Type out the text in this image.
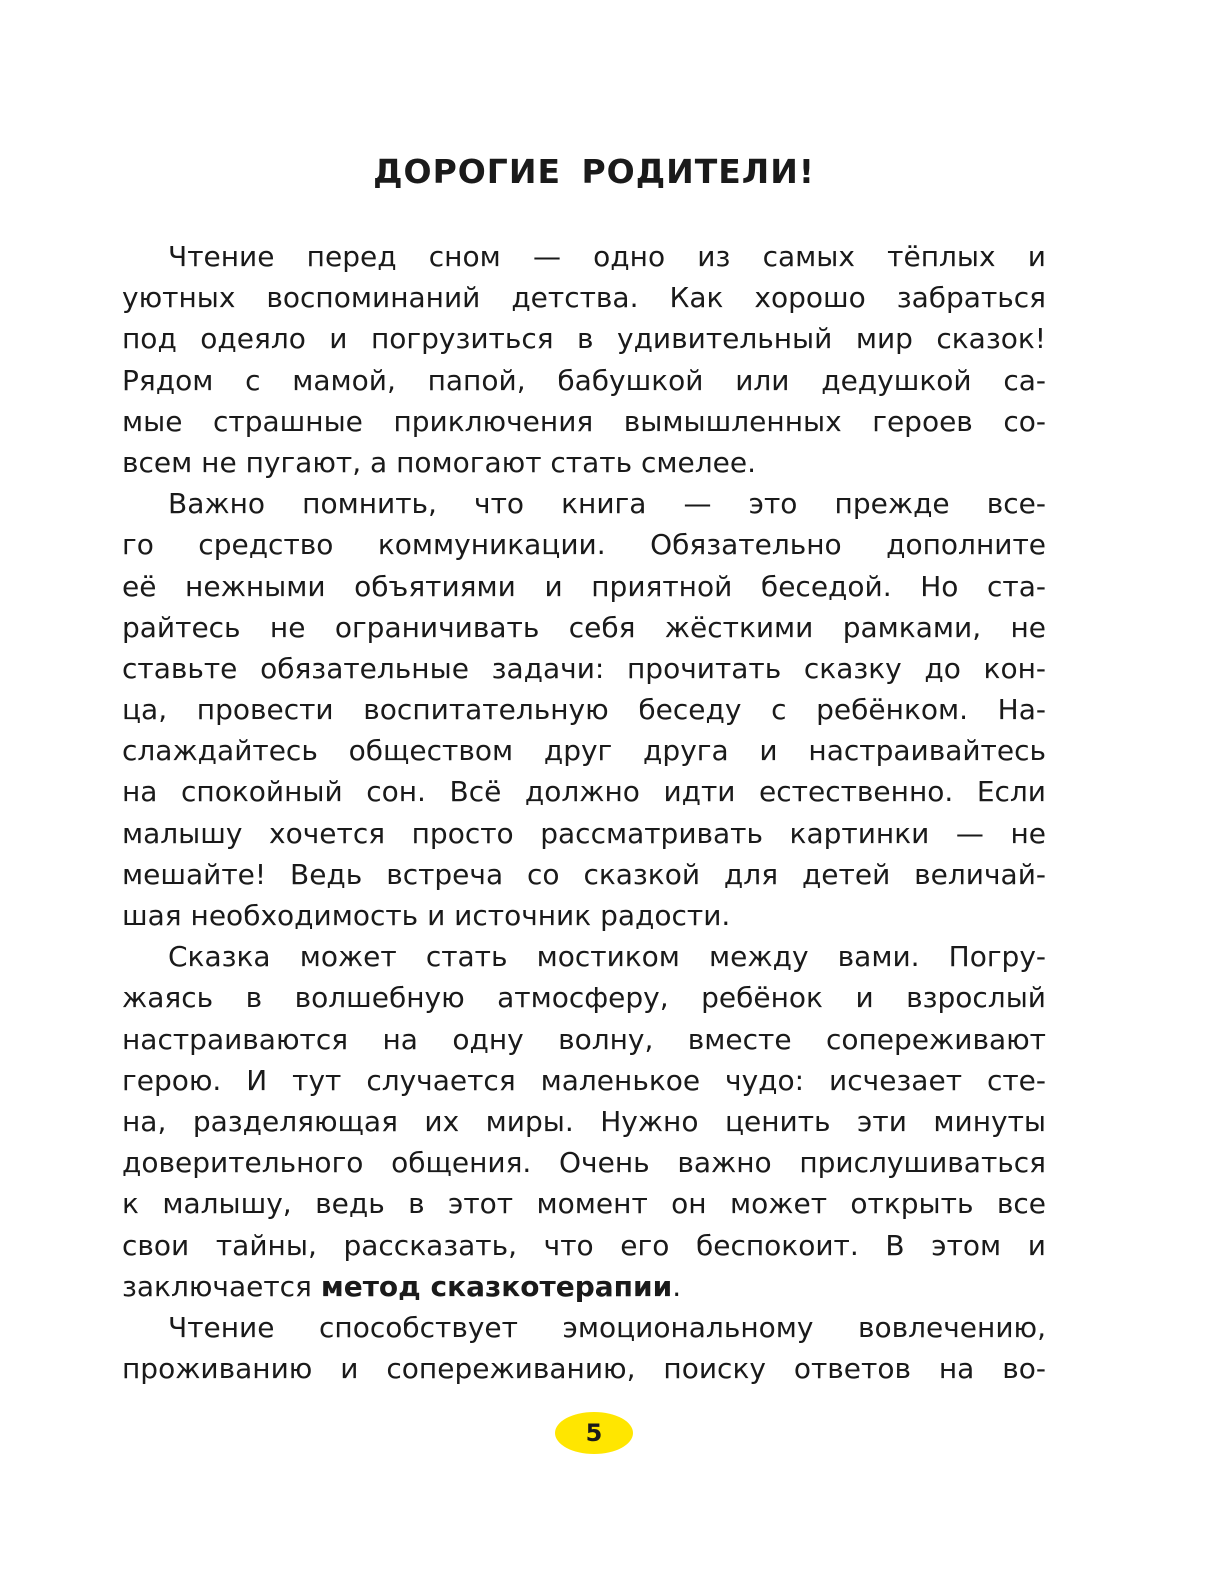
ДОРОГИЕ РОДИТЕЛИ!
Чтение перед сном — одно из самых тёплых и
уютных воспоминаний детства. Как хорошо забраться
под одеяло и погрузиться в удивительный мир сказок!
Рядом с мамой, папой, бабушкой или дедушкой са-
мые страшные приключения вымышленных героев со-
всем не пугают, а помогают стать смелее.
Важно помнить, что книга — это прежде все-
го средство коммуникации. Обязательно дополните
её нежными объятиями и приятной беседой. Но ста-
райтесь не ограничивать себя жёсткими рамками, не
ставьте обязательные задачи: прочитать сказку до кон-
ца, провести воспитательную беседу с ребёнком. На-
слаждайтесь обществом друг друга и настраивайтесь
на спокойный сон. Всё должно идти естественно. Если
малышу хочется просто рассматривать картинки — не
мешайте! Ведь встреча со сказкой для детей величай-
шая необходимость и источник радости.
Сказка может стать мостиком между вами. Погру-
жаясь в волшебную атмосферу, ребёнок и взрослый
настраиваются на одну волну, вместе сопереживают
герою. И тут случается маленькое чудо: исчезает сте-
на, разделяющая их миры. Нужно ценить эти минуты
доверительного общения. Очень важно прислушиваться
к малышу, ведь в этот момент он может открыть все
свои тайны, рассказать, что его беспокоит. В этом и
заключается метод сказкотерапии.
Чтение способствует эмоциональному вовлечению,
проживанию и сопереживанию, поиску ответов на во-
5
